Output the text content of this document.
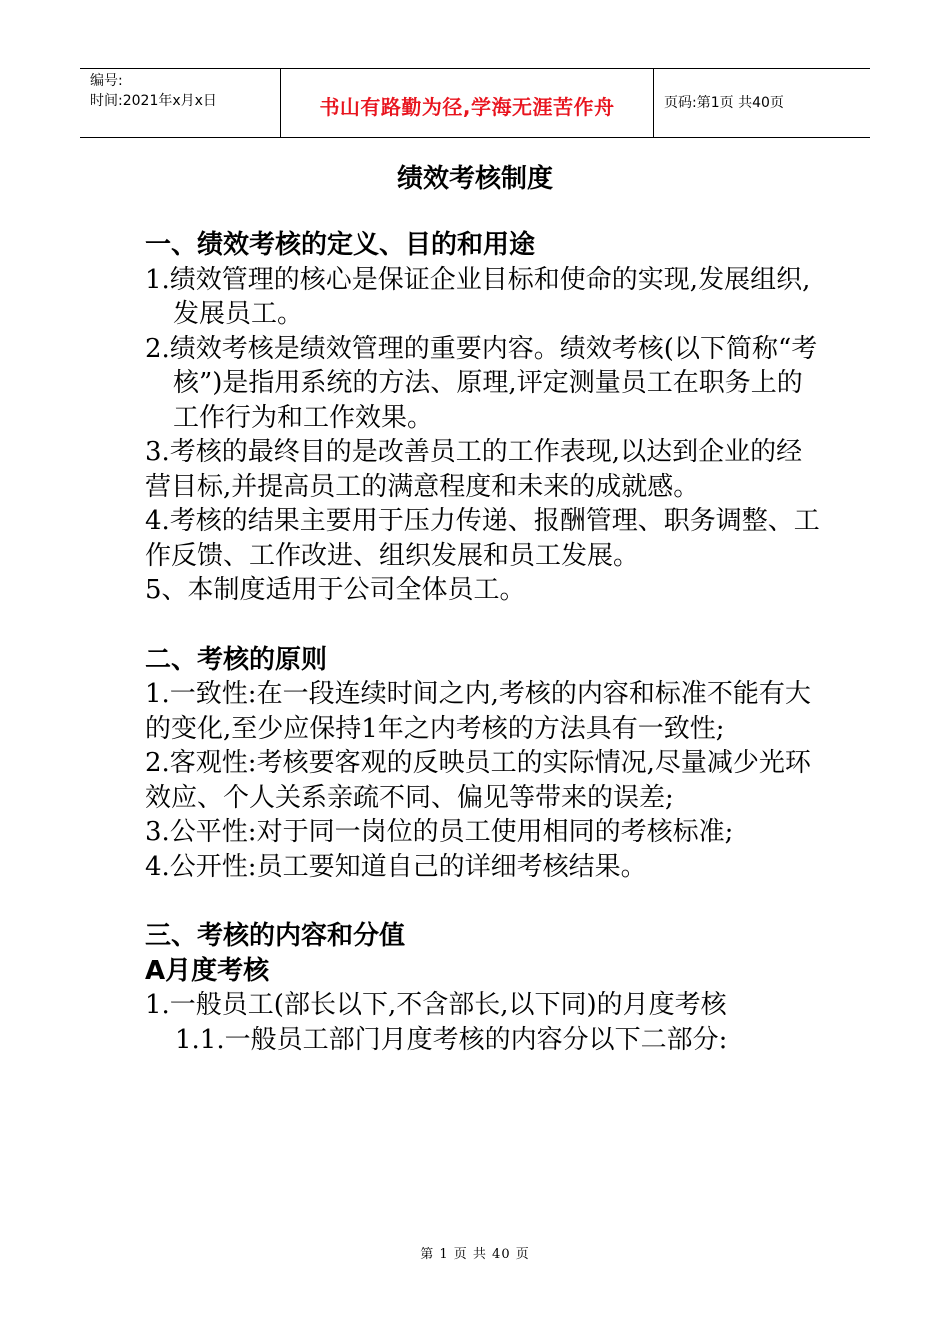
编号:
时间:2021年x月x日	书山有路勤为径,学海无涯苦作舟	页码:第1页 共40页
绩效考核制度

一、绩效考核的定义、目的和用途

1.绩效管理的核心是保证企业目标和使命的实现,发展组织,发展员工。

2.绩效考核是绩效管理的重要内容。绩效考核(以下简称“考核”)是指用系统的方法、原理,评定测量员工在职务上的工作行为和工作效果。

3.考核的最终目的是改善员工的工作表现,以达到企业的经营目标,并提高员工的满意程度和未来的成就感。

4.考核的结果主要用于压力传递、报酬管理、职务调整、工作反馈、工作改进、组织发展和员工发展。

5、本制度适用于公司全体员工。

二、考核的原则

1.一致性:在一段连续时间之内,考核的内容和标准不能有大的变化,至少应保持1年之内考核的方法具有一致性;

2.客观性:考核要客观的反映员工的实际情况,尽量减少光环效应、个人关系亲疏不同、偏见等带来的误差;

3.公平性:对于同一岗位的员工使用相同的考核标准;

4.公开性:员工要知道自己的详细考核结果。

三、考核的内容和分值

A月度考核

1.一般员工(部长以下,不含部长,以下同)的月度考核

1.1.一般员工部门月度考核的内容分以下二部分:

第 1 页 共 40 页
